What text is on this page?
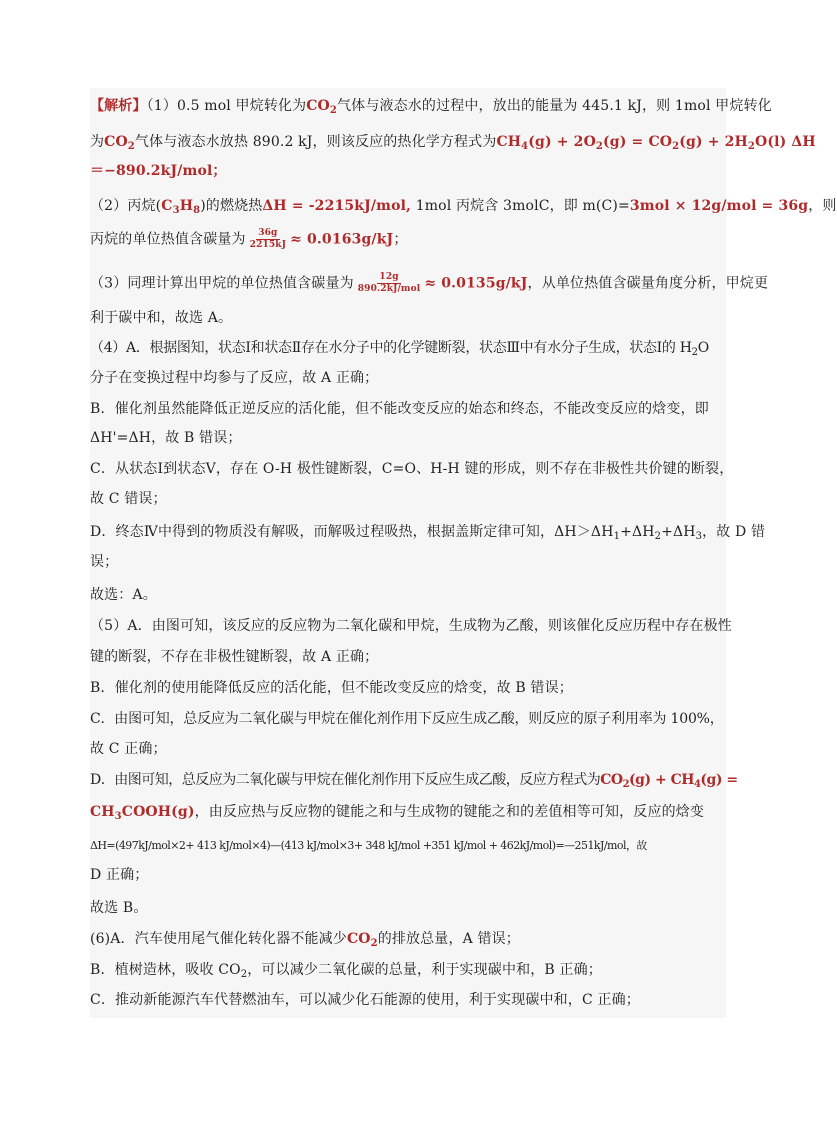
【解析】（1）0.5 mol 甲烷转化为$CO_2$气体与液态水的过程中，放出的能量为 445.1 kJ，则 1mol 甲烷转化
为$CO_2$气体与液态水放热 890.2 kJ，则该反应的热化学方程式为$CH_4(g) + 2O_2(g) = CO_2(g) + 2H_2O(l)$ ΔH
＝−890.2kJ/mol；
（2）丙烷$(C_3H_8)$的燃烧热ΔH = -2215kJ/mol, 1mol 丙烷含 3molC，即 m(C)=3mol × 12g/mol = 36g，则
丙烷的单位热值含碳量为 $\frac{36g}{2215kJ} \approx 0.0163g/kJ$；
（3）同理计算出甲烷的单位热值含碳量为 $\frac{12g}{\text{890.2kJ/mol}} \approx 0.0135g/kJ$，从单位热值含碳量角度分析，甲烷更
利于碳中和，故选 A。
（4）A．根据图知，状态Ⅰ和状态Ⅱ存在水分子中的化学键断裂，状态Ⅲ中有水分子生成，状态Ⅰ的 $H_2O$
分子在变换过程中均参与了反应，故 A 正确；
B．催化剂虽然能降低正逆反应的活化能，但不能改变反应的始态和终态，不能改变反应的焓变，即
ΔH'=ΔH，故 B 错误；
C．从状态Ⅰ到状态Ⅴ，存在 O-H 极性键断裂，C=O、H-H 键的形成，则不存在非极性共价键的断裂，
故 C 错误；
D．终态Ⅳ中得到的物质没有解吸，而解吸过程吸热，根据盖斯定律可知，$\Delta H>\Delta H_1+\Delta H_2+\Delta H_3$，故 D 错
误；
故选：A。
（5）A．由图可知，该反应的反应物为二氧化碳和甲烷，生成物为乙酸，则该催化反应历程中存在极性
键的断裂，不存在非极性键断裂，故 A 正确；
B．催化剂的使用能降低反应的活化能，但不能改变反应的焓变，故 B 错误；
C．由图可知，总反应为二氧化碳与甲烷在催化剂作用下反应生成乙酸，则反应的原子利用率为 100%，
故 C 正确；
D．由图可知，总反应为二氧化碳与甲烷在催化剂作用下反应生成乙酸，反应方程式为$CO_2(g) + CH_4(g)$ =
$CH_3COOH(g)$，由反应热与反应物的键能之和与生成物的键能之和的差值相等可知，反应的焓变
ΔH=(497kJ/mol×2+ 413 kJ/mol×4)—(413 kJ/mol×3+ 348 kJ/mol +351 kJ/mol + 462kJ/mol)=—251kJ/mol，故
D 正确；
故选 B。
(6)A．汽车使用尾气催化转化器不能减少$CO_2$的排放总量，A 错误；
B．植树造林，吸收 $CO_2$，可以减少二氧化碳的总量，利于实现碳中和，B 正确；
C．推动新能源汽车代替燃油车，可以减少化石能源的使用，利于实现碳中和，C 正确；
